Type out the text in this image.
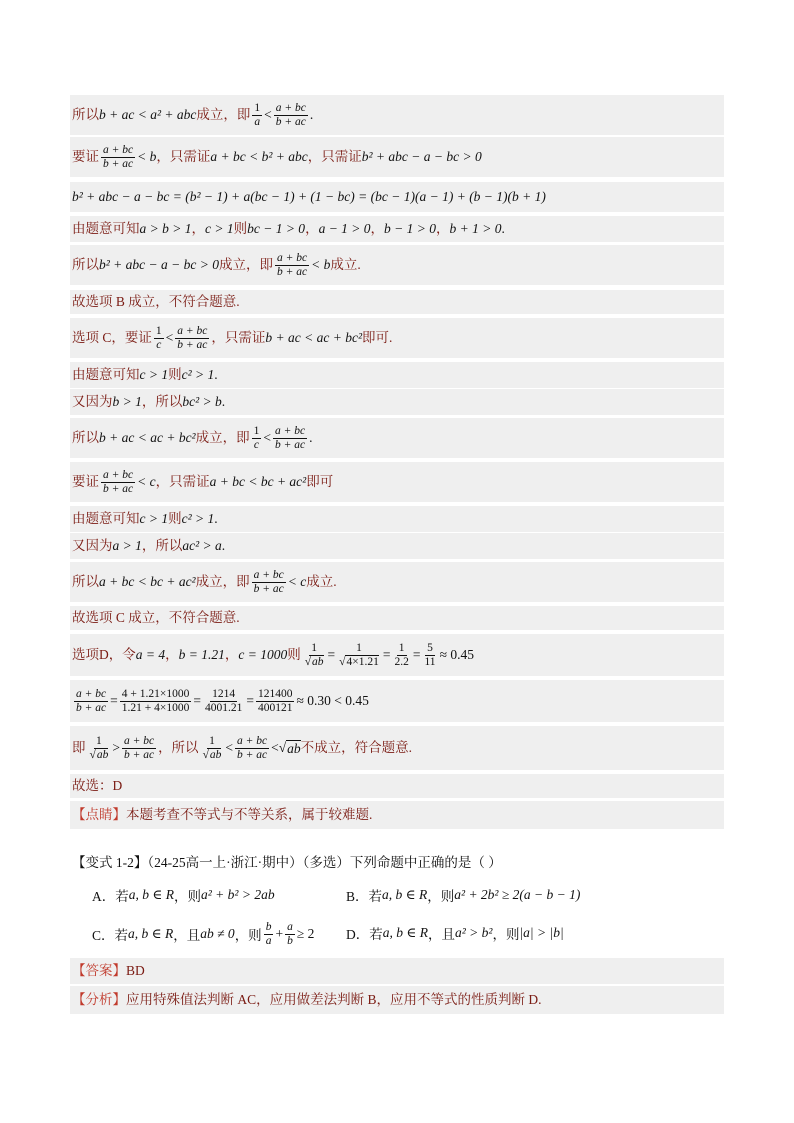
所以 b + ac < a² + abc 成立，即 $\frac{1}{a} < \frac{a + bc}{b + ac}$ .
要证 $\frac{a + bc}{b + ac} < b$ ，只需证 a + bc < b² + abc ，只需证 b² + abc − a − bc > 0
b² + abc − a − bc = (b² − 1) + a(bc − 1) + (1 − bc) = (bc − 1)(a − 1) + (b − 1)(b + 1)
由题意可知 a > b > 1 ， c > 1 则 bc − 1 > 0 ， a − 1 > 0 ， b − 1 > 0 ， b + 1 > 0 .
所以 b² + abc − a − bc > 0 成立，即 $\frac{a + bc}{b + ac} < b$ 成立.
故选项 B 成立，不符合题意.
选项 C，要证 $\frac{1}{c} < \frac{a + bc}{b + ac}$ ，只需证 b + ac < ac + bc² 即可.
由题意可知 c > 1 则 c² > 1 .
又因为 b > 1 ，所以 bc² > b .
所以 b + ac < ac + bc² 成立，即 $\frac{1}{c} < \frac{a + bc}{b + ac}$ .
要证 $\frac{a + bc}{b + ac} < c$ ，只需证 a + bc < bc + ac² 即可
由题意可知 c > 1 则 c² > 1 .
又因为 a > 1 ，所以 ac² > a .
所以 a + bc < bc + ac² 成立，即 $\frac{a + bc}{b + ac} < c$ 成立.
故选项 C 成立，不符合题意.
选项D，令 a = 4 ， b = 1.21 ， c = 1000 则 $\frac{1}{√ab} = \frac{1}{√4\times 1.21} = \frac{1}{2.2} = \frac{5}{11} \approx 0.45$
$\frac{a + bc}{b + ac} = \frac{4 + 1.21\times 1000}{1.21 + 4\times 1000} = \frac{1214}{4001.21} = \frac{121400}{400121} \approx 0.30 < 0.45$
即 $\frac{1}{√ab} > \frac{a + bc}{b + ac}$ ，所以 $\frac{1}{√ab} < \frac{a + bc}{b + ac}$ < √ ab 不成立，符合题意.
故选：D
【点睛】 本题考查不等式与不等关系，属于较难题.
【变式 1-2】（24-25高一上·浙江·期中）（多选）下列命题中正确的是（ ）
A．若 a, b ∈ R ，则 a² + b² > 2ab	B．若 a, b ∈ R ，则 a² + 2b² ≥ 2(a − b − 1)
C．若 a, b ∈ R ，且 ab ≠ 0 ，则 $\frac{b}{a} + \frac{a}{b} \ge 2$ D．若 a, b ∈ R ，且 a² > b² ，则 |a| > |b|
【答案】 BD
【分析】 应用特殊值法判断 AC，应用做差法判断 B，应用不等式的性质判断 D.
